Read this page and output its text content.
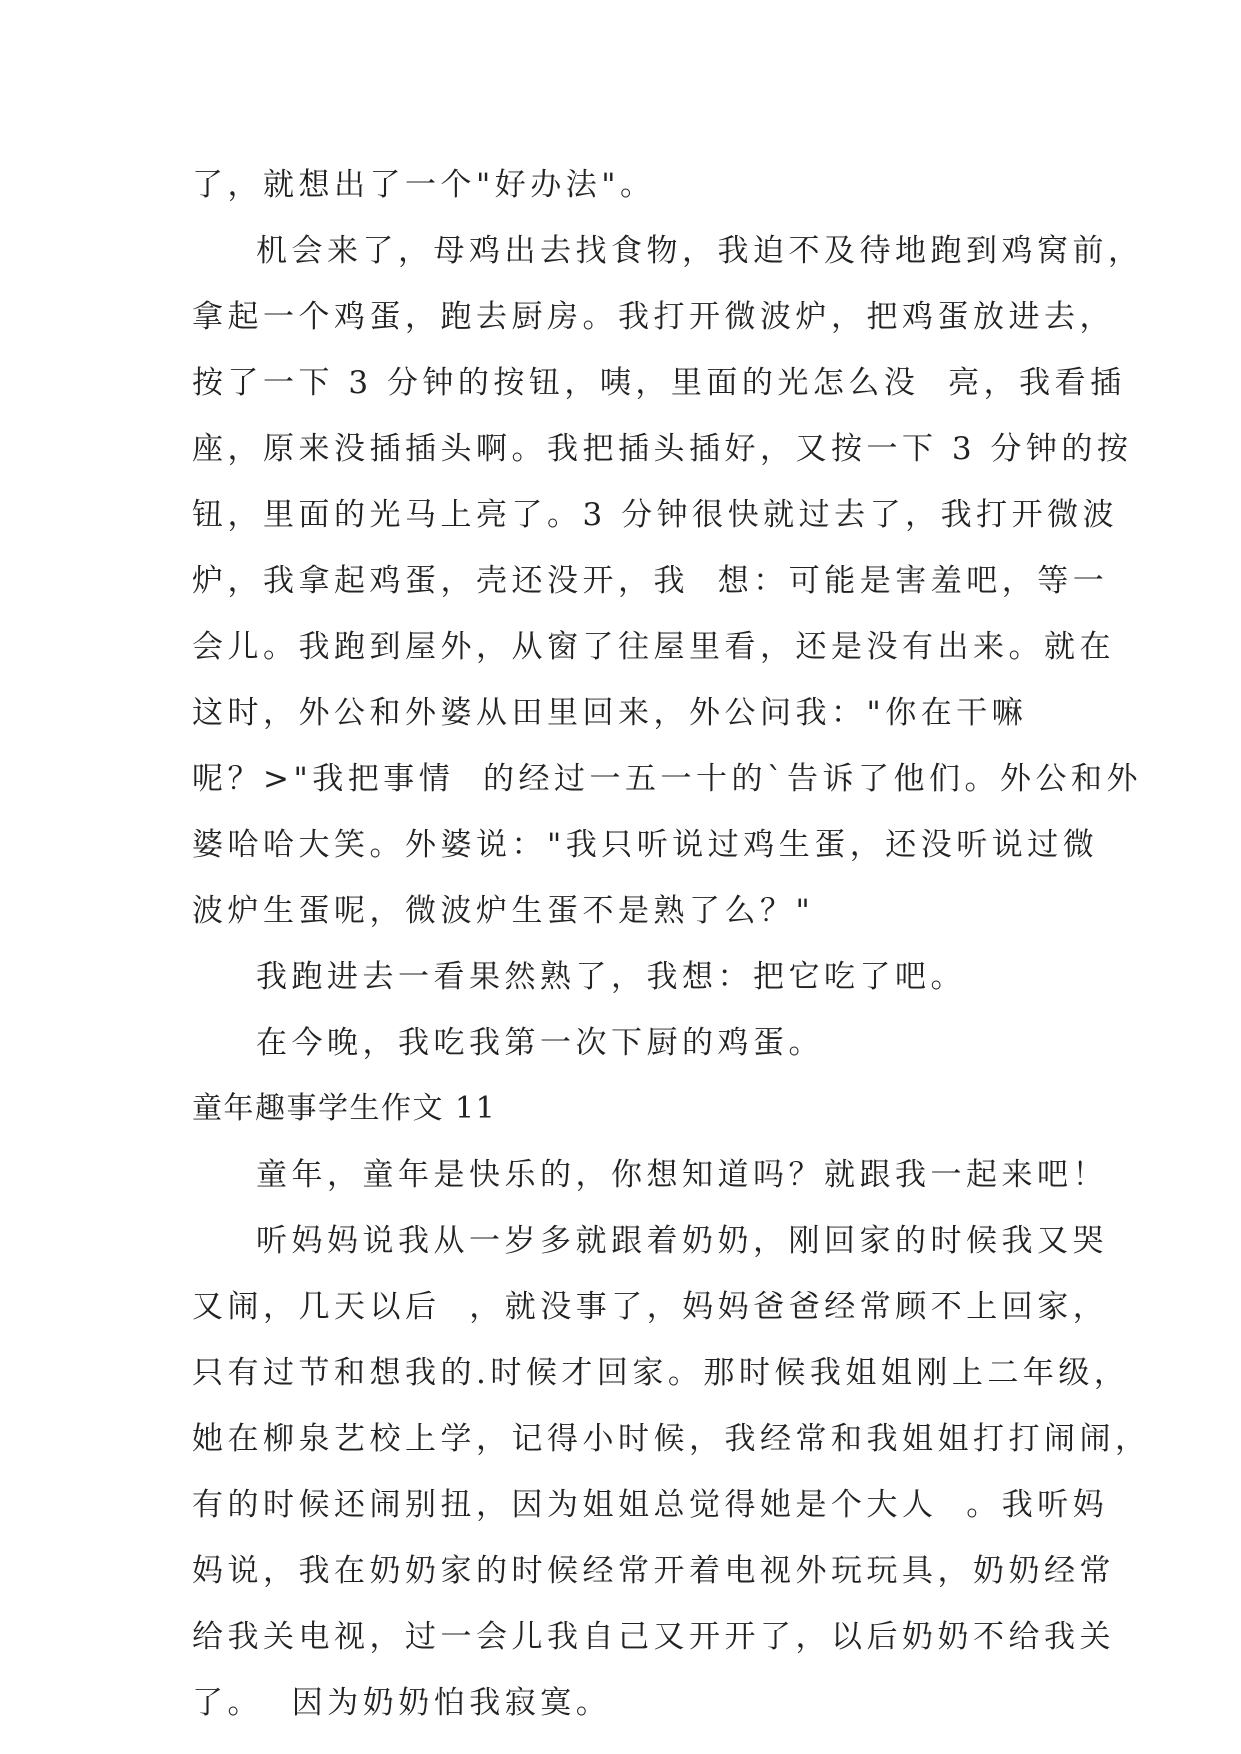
了，就想出了一个"好办法"。
机会来了，母鸡出去找食物，我迫不及待地跑到鸡窝前，
拿起一个鸡蛋，跑去厨房。我打开微波炉，把鸡蛋放进去，
按了一下 3 分钟的按钮，咦，里面的光怎么没  亮，我看插
座，原来没插插头啊。我把插头插好，又按一下 3 分钟的按
钮，里面的光马上亮了。3 分钟很快就过去了，我打开微波
炉，我拿起鸡蛋，壳还没开，我  想：可能是害羞吧，等一
会儿。我跑到屋外，从窗了往屋里看，还是没有出来。就在
这时，外公和外婆从田里回来，外公问我："你在干嘛
呢？>"我把事情  的经过一五一十的`告诉了他们。外公和外
婆哈哈大笑。外婆说："我只听说过鸡生蛋，还没听说过微
波炉生蛋呢，微波炉生蛋不是熟了么？"
我跑进去一看果然熟了，我想：把它吃了吧。
在今晚，我吃我第一次下厨的鸡蛋。
童年趣事学生作文 11
童年，童年是快乐的，你想知道吗？就跟我一起来吧！
听妈妈说我从一岁多就跟着奶奶，刚回家的时候我又哭
又闹，几天以后  ，就没事了，妈妈爸爸经常顾不上回家，
只有过节和想我的.时候才回家。那时候我姐姐刚上二年级，
她在柳泉艺校上学，记得小时候，我经常和我姐姐打打闹闹，
有的时候还闹别扭，因为姐姐总觉得她是个大人  。我听妈
妈说，我在奶奶家的时候经常开着电视外玩玩具，奶奶经常
给我关电视，过一会儿我自己又开开了，以后奶奶不给我关
了。  因为奶奶怕我寂寞。
